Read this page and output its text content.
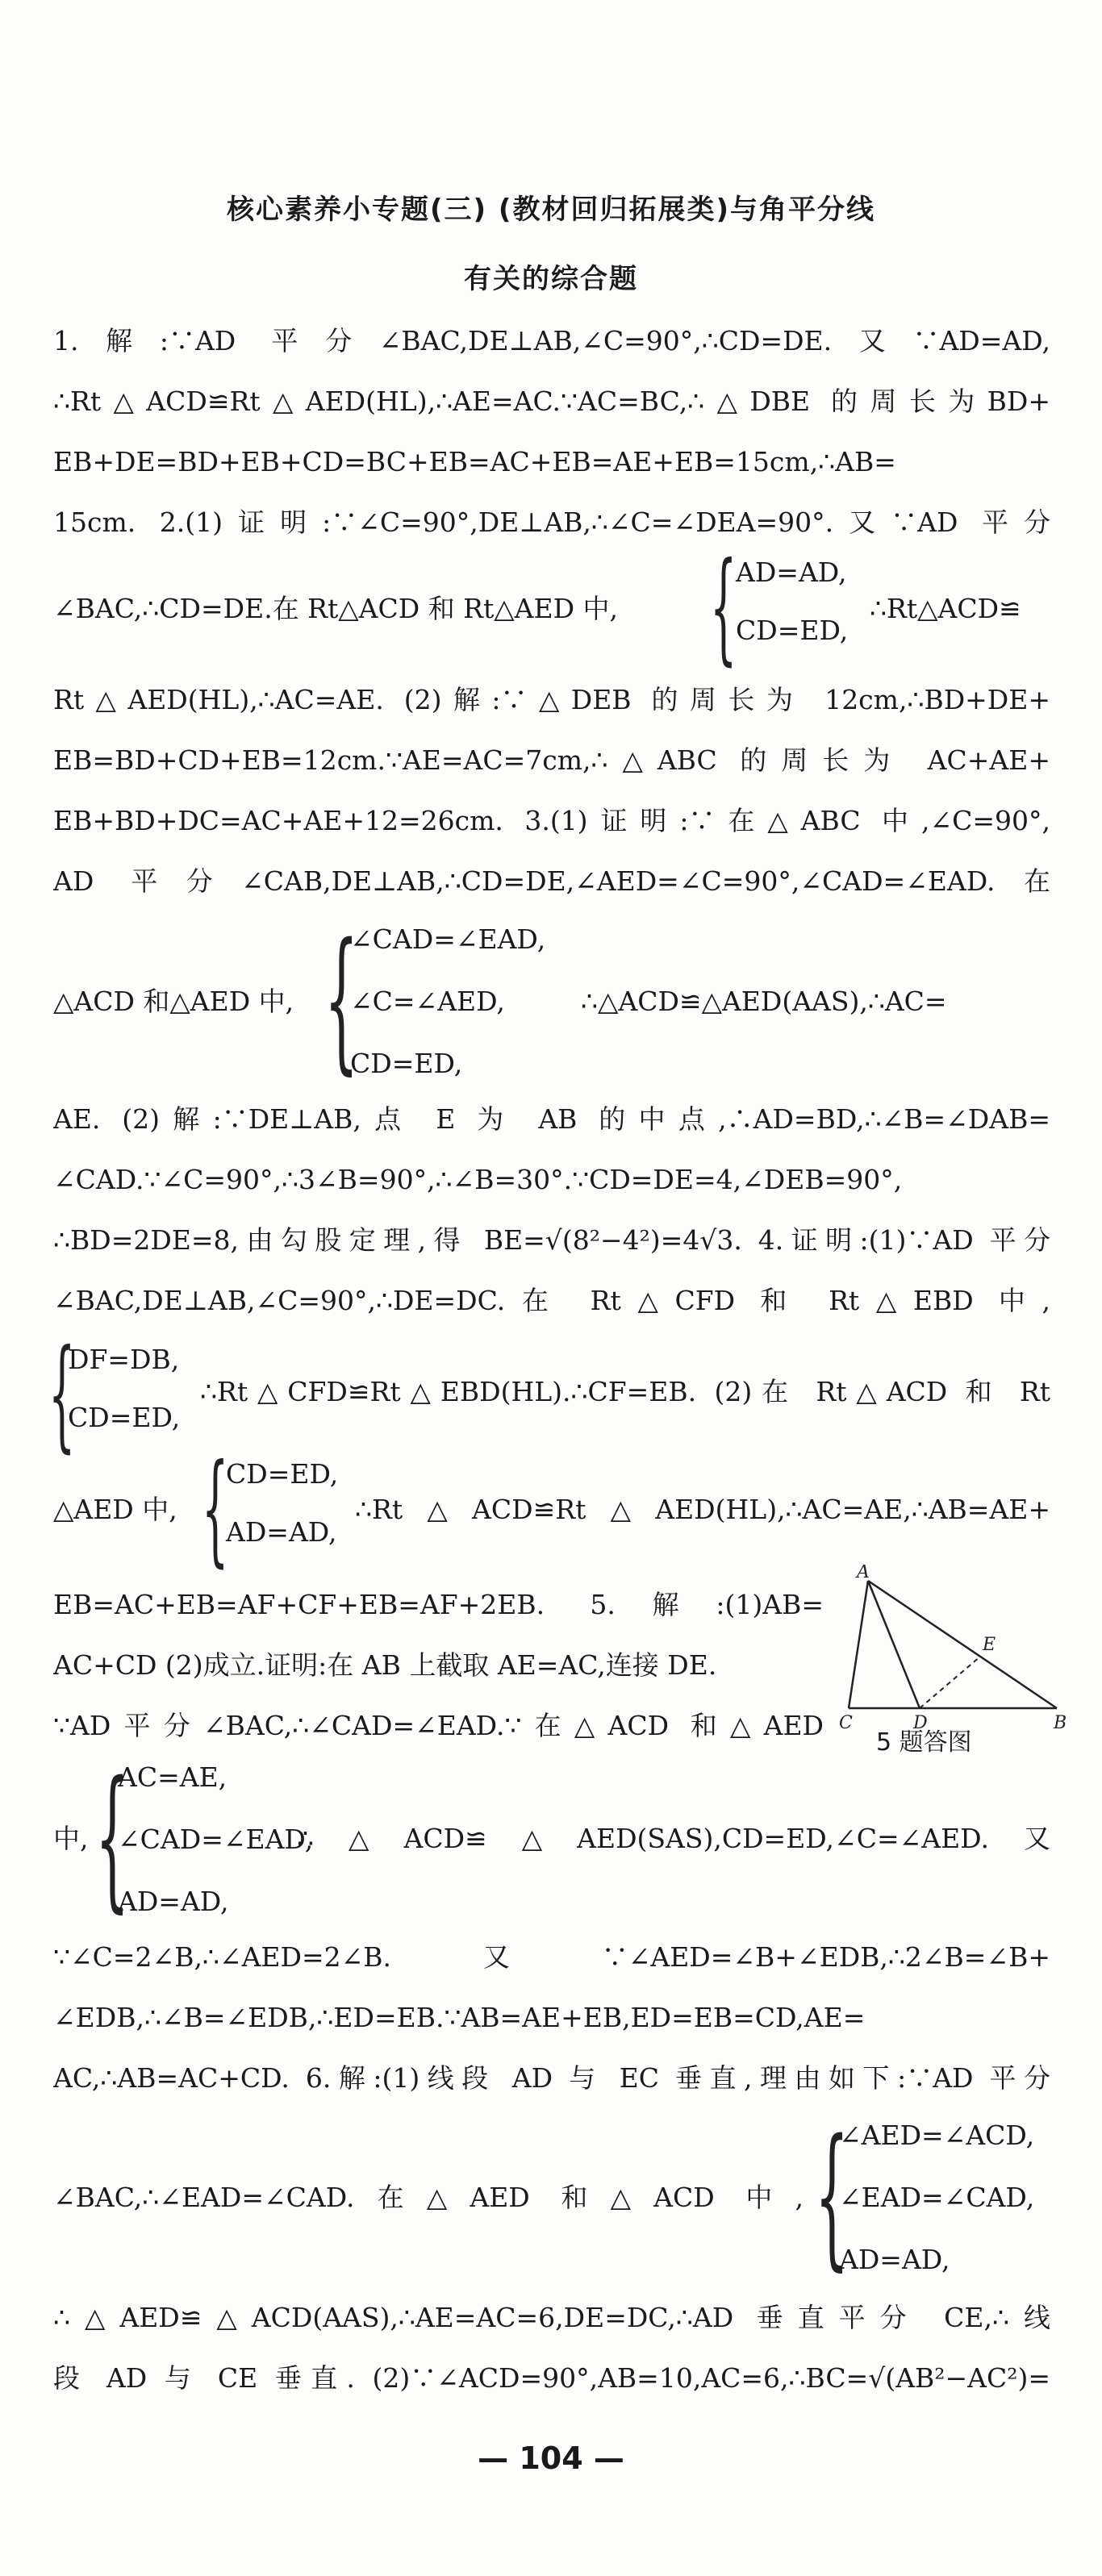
核心素养小专题(三) (教材回归拓展类)与角平分线
有关的综合题
1.解:∵AD 平分∠BAC,DE⊥AB,∠C=90°,∴CD=DE.又∵AD=AD,
∴Rt△ACD≌Rt△AED(HL),∴AE=AC.∵AC=BC,∴△DBE 的周长为BD+
EB+DE=BD+EB+CD=BC+EB=AC+EB=AE+EB=15cm,∴AB=
15cm. 2.(1)证明:∵∠C=90°,DE⊥AB,∴∠C=∠DEA=90°.又∵AD 平分
∠BAC,∴CD=DE.在 Rt△ACD 和 Rt△AED 中, {
AD=AD,
CD=ED,
∴Rt△ACD≌
Rt△AED(HL),∴AC=AE. (2)解:∵△DEB 的周长为 12cm,∴BD+DE+
EB=BD+CD+EB=12cm.∵AE=AC=7cm,∴△ABC 的周长为 AC+AE+
EB+BD+DC=AC+AE+12=26cm. 3.(1)证明:∵在△ABC 中,∠C=90°,
AD 平分∠CAB,DE⊥AB,∴CD=DE,∠AED=∠C=90°,∠CAD=∠EAD.在
△ACD 和△AED 中, {
∠CAD=∠EAD,
∠C=∠AED,
CD=ED,
∴△ACD≌△AED(AAS),∴AC=
AE. (2)解:∵DE⊥AB,点 E 为 AB 的中点,∴AD=BD,∴∠B=∠DAB=
∠CAD.∵∠C=90°,∴3∠B=90°,∴∠B=30°.∵CD=DE=4,∠DEB=90°,
∴BD=2DE=8,由勾股定理,得 BE=√(8²−4²)=4√3. 4.证明:(1)∵AD 平分
∠BAC,DE⊥AB,∠C=90°,∴DE=DC.在 Rt△CFD 和 Rt△EBD 中,
{
DF=DB,
CD=ED,
∴Rt△CFD≌Rt△EBD(HL).∴CF=EB. (2)在 Rt△ACD 和 Rt
△AED 中, {
CD=ED,
AD=AD,
∴Rt△ACD≌Rt△AED(HL),∴AC=AE,∴AB=AE+
EB=AC+EB=AF+CF+EB=AF+2EB. 5.解:(1)AB=
AC+CD (2)成立.证明:在 AB 上截取 AE=AC,连接 DE.
∵AD平分∠BAC,∴∠CAD=∠EAD.∵在△ACD 和△AED
A
E
C	D	B
5 题答图
中, {
AC=AE,
∠CAD=∠EAD,
AD=AD,
∴△ACD≌△AED(SAS),CD=ED,∠C=∠AED.又
∵∠C=2∠B,∴∠AED=2∠B.又∵∠AED=∠B+∠EDB,∴2∠B=∠B+
∠EDB,∴∠B=∠EDB,∴ED=EB.∵AB=AE+EB,ED=EB=CD,AE=
AC,∴AB=AC+CD. 6.解:(1)线段 AD 与 EC 垂直,理由如下:∵AD 平分
∠BAC,∴∠EAD=∠CAD.在△AED 和△ACD 中, {
∠AED=∠ACD,
∠EAD=∠CAD,
AD=AD,
∴△AED≌△ACD(AAS),∴AE=AC=6,DE=DC,∴AD 垂直平分 CE,∴线
段 AD 与 CE 垂直. (2)∵∠ACD=90°,AB=10,AC=6,∴BC=√(AB²−AC²)=
— 104 —
